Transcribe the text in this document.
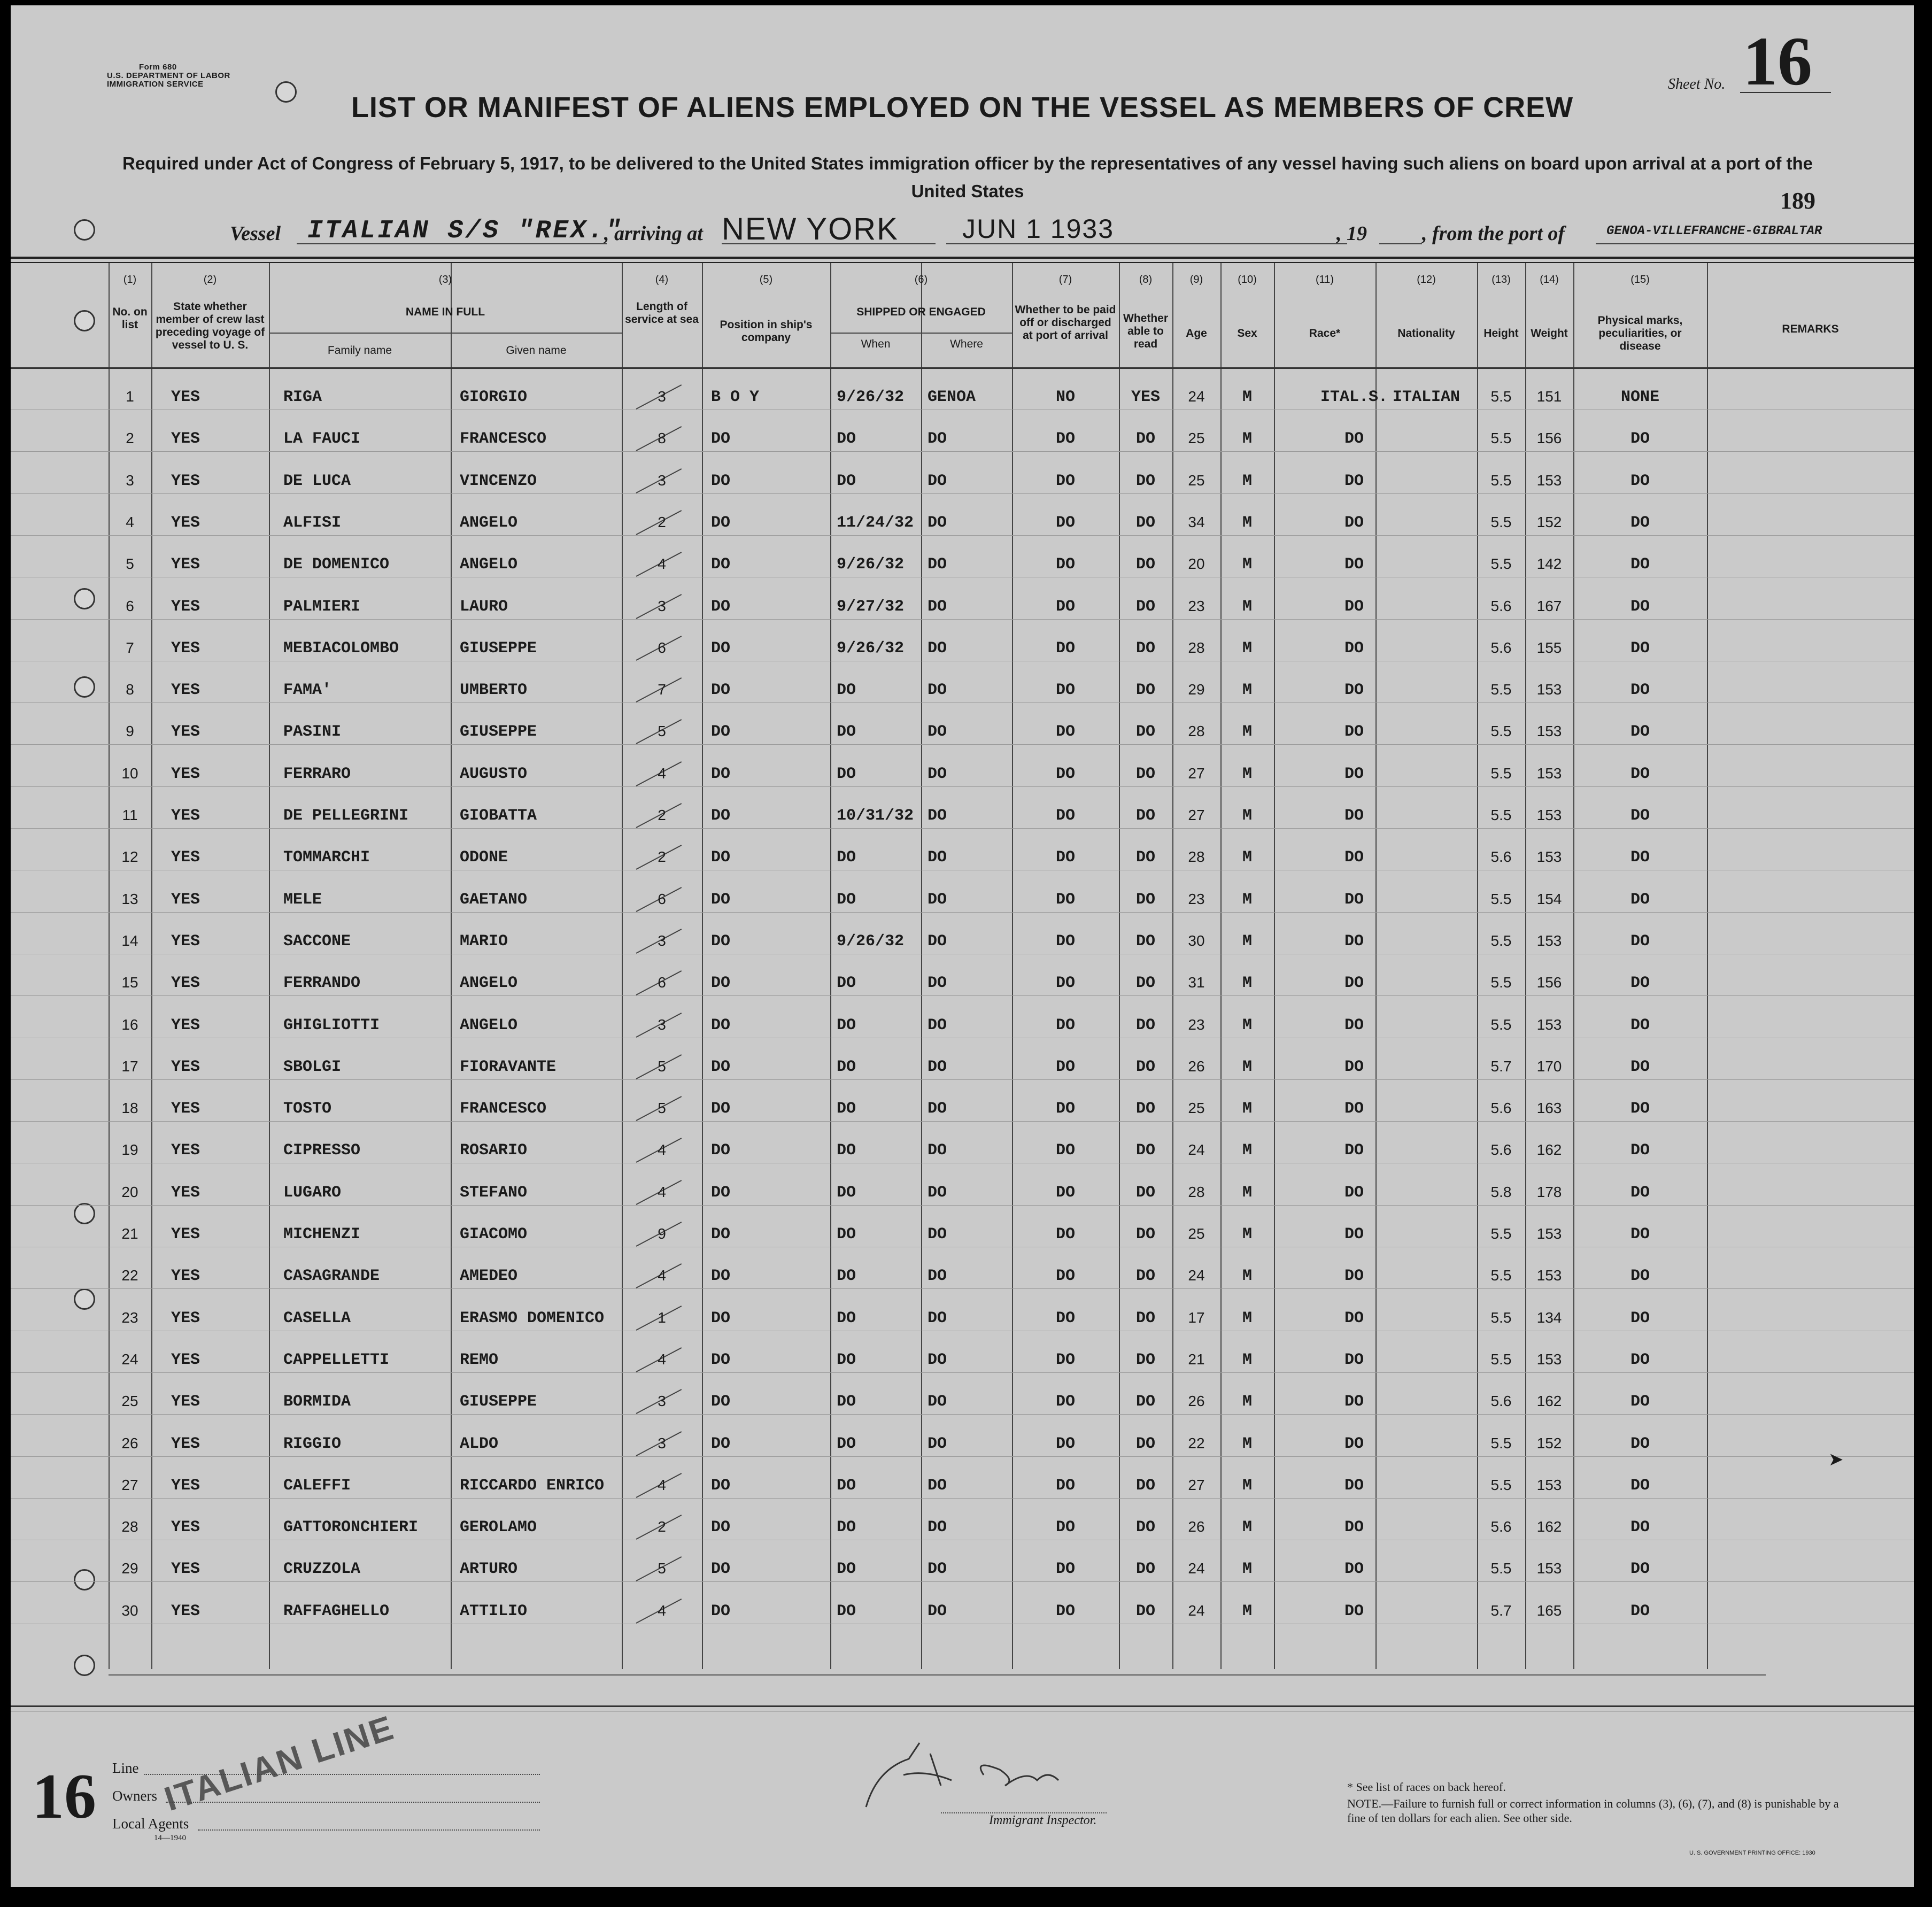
Form 680
U.S. DEPARTMENT OF LABOR
IMMIGRATION SERVICE	Sheet No. 16
189
LIST OR MANIFEST OF ALIENS EMPLOYED ON THE VESSEL AS MEMBERS OF CREW
Required under Act of Congress of February 5, 1917, to be delivered to the United States immigration officer by the representatives of any vessel having such aliens on board upon arrival at a port of the United States
Vessel	ITALIAN S/S "REX."
, arriving at NEW YORK	JUN 1 1933	, 19	, from the port of	GENOA-VILLEFRANCHE-GIBRALTAR
(1)	(2)	(3)	(4)	(5)	(6)	(7)	(8)	(9)	(10)	(11)	(12)	(13)	(14)	(15)
No. on list
State whether member of crew last preceding voyage of vessel to U. S.
NAME IN FULL
Family name	Given name
Length of service at sea	Position in ship's company
SHIPPED OR ENGAGED
When	Where
Whether to be paid off or discharged at port of arrival
Whether able to read
Age	Sex	Race*	Nationality	Height	Weight
Physical marks, peculiarities, or disease
REMARKS
1	YES	RIGA	GIORGIO	3	B O Y	9/26/32 GENOA	NO	YES	24	M	ITAL.S. ITALIAN	5.5	151	NONE
2	YES	LA FAUCI	FRANCESCO	8	DO	DO	DO	DO	DO	25	M	DO	5.5	156	DO
3	YES	DE LUCA	VINCENZO	3	DO	DO	DO	DO	DO	25	M	DO	5.5	153	DO
4	YES	ALFISI	ANGELO	2	DO	11/24/32 DO	DO	DO	34	M	DO	5.5	152	DO
5	YES	DE DOMENICO	ANGELO	4	DO	9/26/32 DO	DO	DO	20	M	DO	5.5	142	DO
6	YES	PALMIERI	LAURO	3	DO	9/27/32 DO	DO	DO	23	M	DO	5.6	167	DO
7	YES	MEBIACOLOMBO	GIUSEPPE	6	DO	9/26/32 DO	DO	DO	28	M	DO	5.6	155	DO
8	YES	FAMA'	UMBERTO	7	DO	DO	DO	DO	DO	29	M	DO	5.5	153	DO
9	YES	PASINI	GIUSEPPE	5	DO	DO	DO	DO	DO	28	M	DO	5.5	153	DO
10	YES	FERRARO	AUGUSTO	4	DO	DO	DO	DO	DO	27	M	DO	5.5	153	DO
11	YES	DE PELLEGRINI	GIOBATTA	2	DO	10/31/32 DO	DO	DO	27	M	DO	5.5	153	DO
12	YES	TOMMARCHI	ODONE	2	DO	DO	DO	DO	DO	28	M	DO	5.6	153	DO
13	YES	MELE	GAETANO	6	DO	DO	DO	DO	DO	23	M	DO	5.5	154	DO
14	YES	SACCONE	MARIO	3	DO	9/26/32 DO	DO	DO	30	M	DO	5.5	153	DO
15	YES	FERRANDO	ANGELO	6	DO	DO	DO	DO	DO	31	M	DO	5.5	156	DO
16	YES	GHIGLIOTTI	ANGELO	3	DO	DO	DO	DO	DO	23	M	DO	5.5	153	DO
17	YES	SBOLGI	FIORAVANTE	5	DO	DO	DO	DO	DO	26	M	DO	5.7	170	DO
18	YES	TOSTO	FRANCESCO	5	DO	DO	DO	DO	DO	25	M	DO	5.6	163	DO
19	YES	CIPRESSO	ROSARIO	4	DO	DO	DO	DO	DO	24	M	DO	5.6	162	DO
20	YES	LUGARO	STEFANO	4	DO	DO	DO	DO	DO	28	M	DO	5.8	178	DO
21	YES	MICHENZI	GIACOMO	9	DO	DO	DO	DO	DO	25	M	DO	5.5	153	DO
22	YES	CASAGRANDE	AMEDEO	4	DO	DO	DO	DO	DO	24	M	DO	5.5	153	DO
23	YES	CASELLA	ERASMO DOMENICO	1	DO	DO	DO	DO	DO	17	M	DO	5.5	134	DO
24	YES	CAPPELLETTI	REMO	4	DO	DO	DO	DO	DO	21	M	DO	5.5	153	DO
25	YES	BORMIDA	GIUSEPPE	3	DO	DO	DO	DO	DO	26	M	DO	5.6	162	DO
26	YES	RIGGIO	ALDO	3	DO	DO	DO	DO	DO	22	M	DO	5.5	152	DO
27	YES	CALEFFI	RICCARDO ENRICO	4	DO	DO	DO	DO	DO	27	M	DO	5.5	153	DO
28	YES	GATTORONCHIERI	GEROLAMO	2	DO	DO	DO	DO	DO	26	M	DO	5.6	162	DO
29	YES	CRUZZOLA	ARTURO	5	DO	DO	DO	DO	DO	24	M	DO	5.5	153	DO
30	YES	RAFFAGHELLO	ATTILIO	4	DO	DO	DO	DO	DO	24	M	DO	5.7	165	DO
➤
16 Line
Owners
Local Agents
14—1940
ITALIAN LINE
Immigrant Inspector.
* See list of races on back hereof.
NOTE.—Failure to furnish full or correct information in columns (3), (6), (7), and (8) is punishable by a fine of ten dollars for each alien. See other side.
U. S. GOVERNMENT PRINTING OFFICE: 1930
